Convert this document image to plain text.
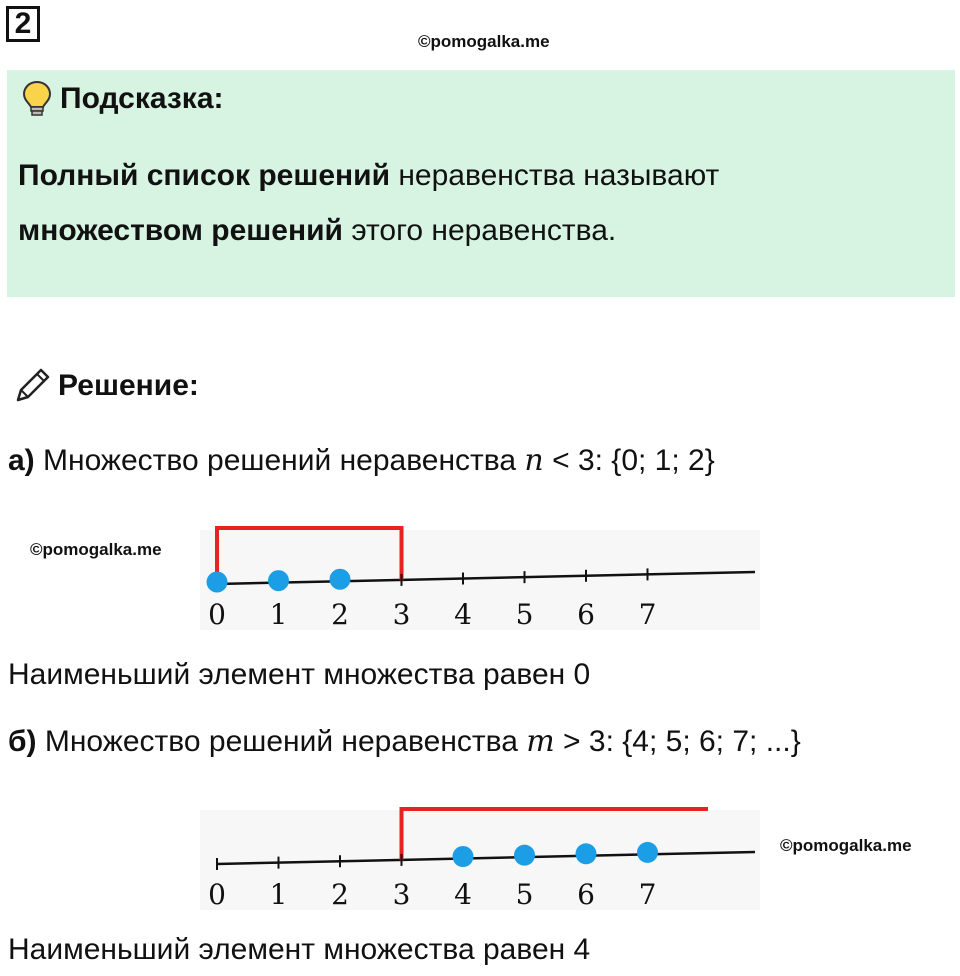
2
©pomogalka.me
Подсказка:
Полный список решений неравенства называют
множеством решений этого неравенства.
Решение:
а) Множество решений неравенства n < 3: {0; 1; 2}
©pomogalka.me
0 1 2 3 4 5 6 7
Наименьший элемент множества равен 0
б) Множество решений неравенства m > 3: {4; 5; 6; 7; ...}
0 1 2 3 4 5 6 7
©pomogalka.me
Наименьший элемент множества равен 4
